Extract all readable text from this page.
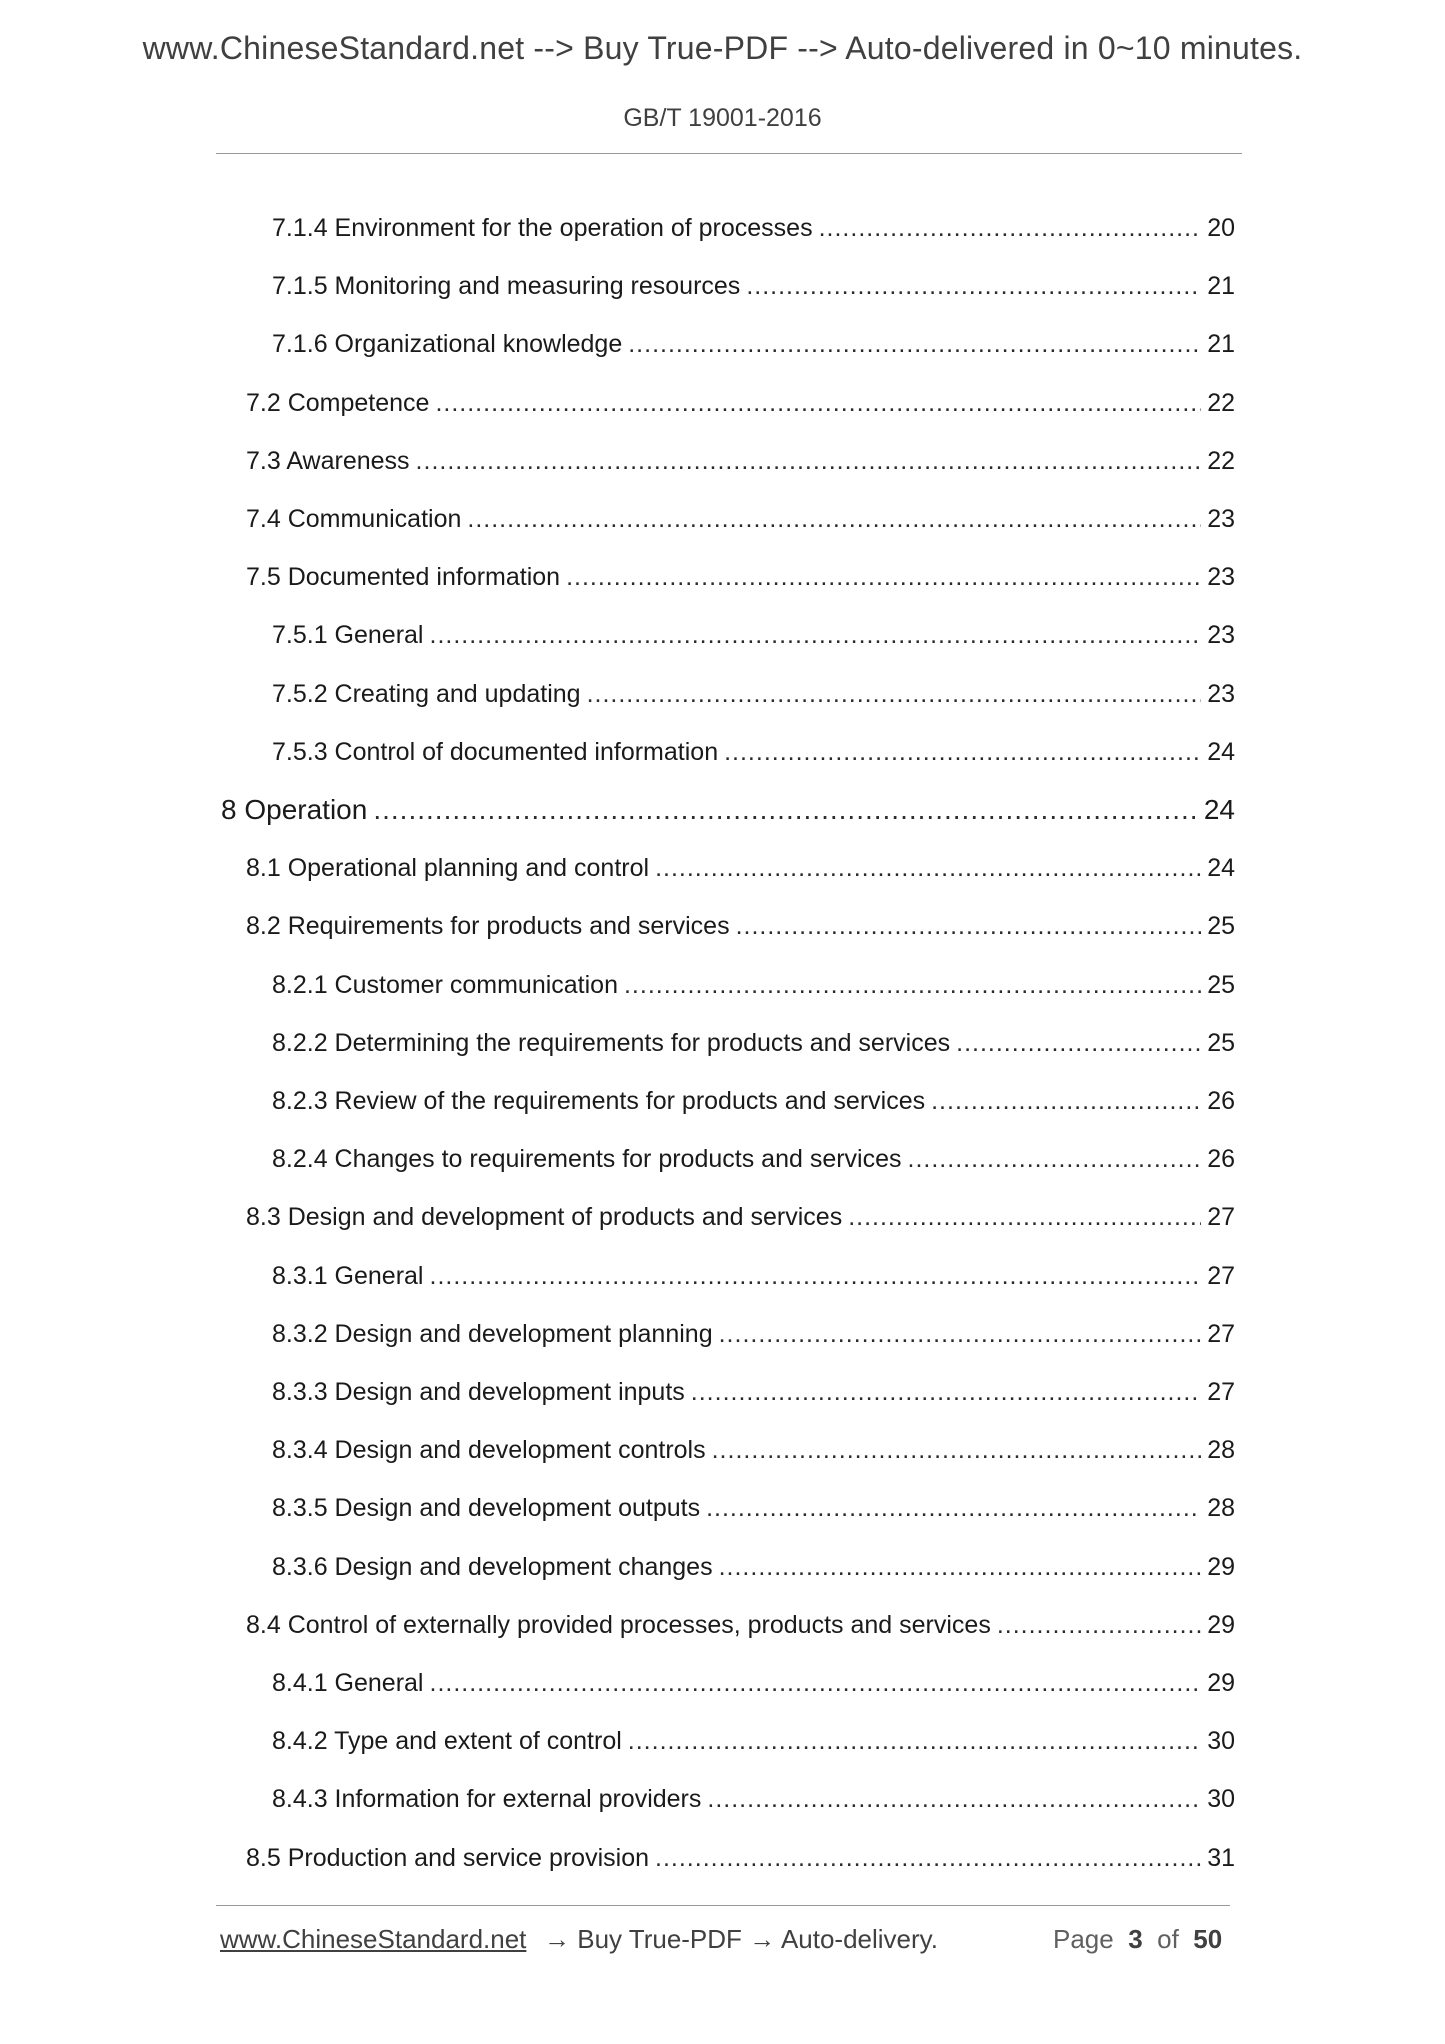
www.ChineseStandard.net --> Buy True-PDF --> Auto-delivered in 0~10 minutes.
GB/T 19001-2016
7.1.4 Environment for the operation of processes .....	20
7.1.5 Monitoring and measuring resources .....	21
7.1.6 Organizational knowledge .....	21
7.2 Competence .....	22
7.3 Awareness .....	22
7.4 Communication .....	23
7.5 Documented information .....	23
7.5.1 General .....	23
7.5.2 Creating and updating .....	23
7.5.3 Control of documented information .....	24
8 Operation .....	24
8.1 Operational planning and control .....	24
8.2 Requirements for products and services .....	25
8.2.1 Customer communication .....	25
8.2.2 Determining the requirements for products and services .....	25
8.2.3 Review of the requirements for products and services .....	26
8.2.4 Changes to requirements for products and services .....	26
8.3 Design and development of products and services .....	27
8.3.1 General .....	27
8.3.2 Design and development planning .....	27
8.3.3 Design and development inputs .....	27
8.3.4 Design and development controls .....	28
8.3.5 Design and development outputs .....	28
8.3.6 Design and development changes .....	29
8.4 Control of externally provided processes, products and services .....	29
8.4.1 General .....	29
8.4.2 Type and extent of control .....	30
8.4.3 Information for external providers .....	30
8.5 Production and service provision .....	31
www.ChineseStandard.net → Buy True-PDF → Auto-delivery.	Page 3 of 50
